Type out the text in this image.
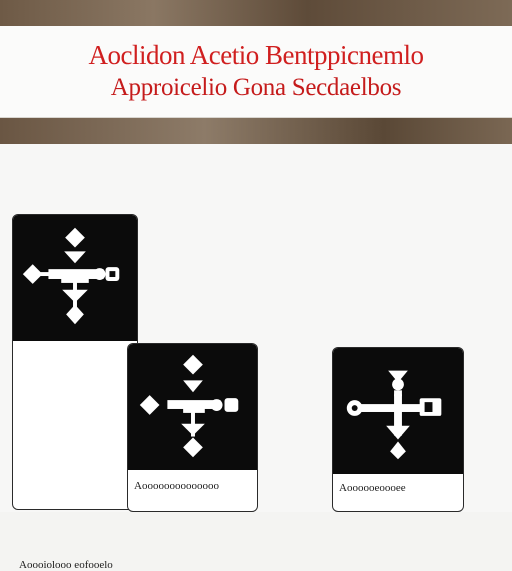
Aoclidon Acetio Bentppicnemlo
Approicelio Gona Secdaelbos
Aoooiolooo eofooelo
Aoooooooooooooo	Aoooooeoooee
